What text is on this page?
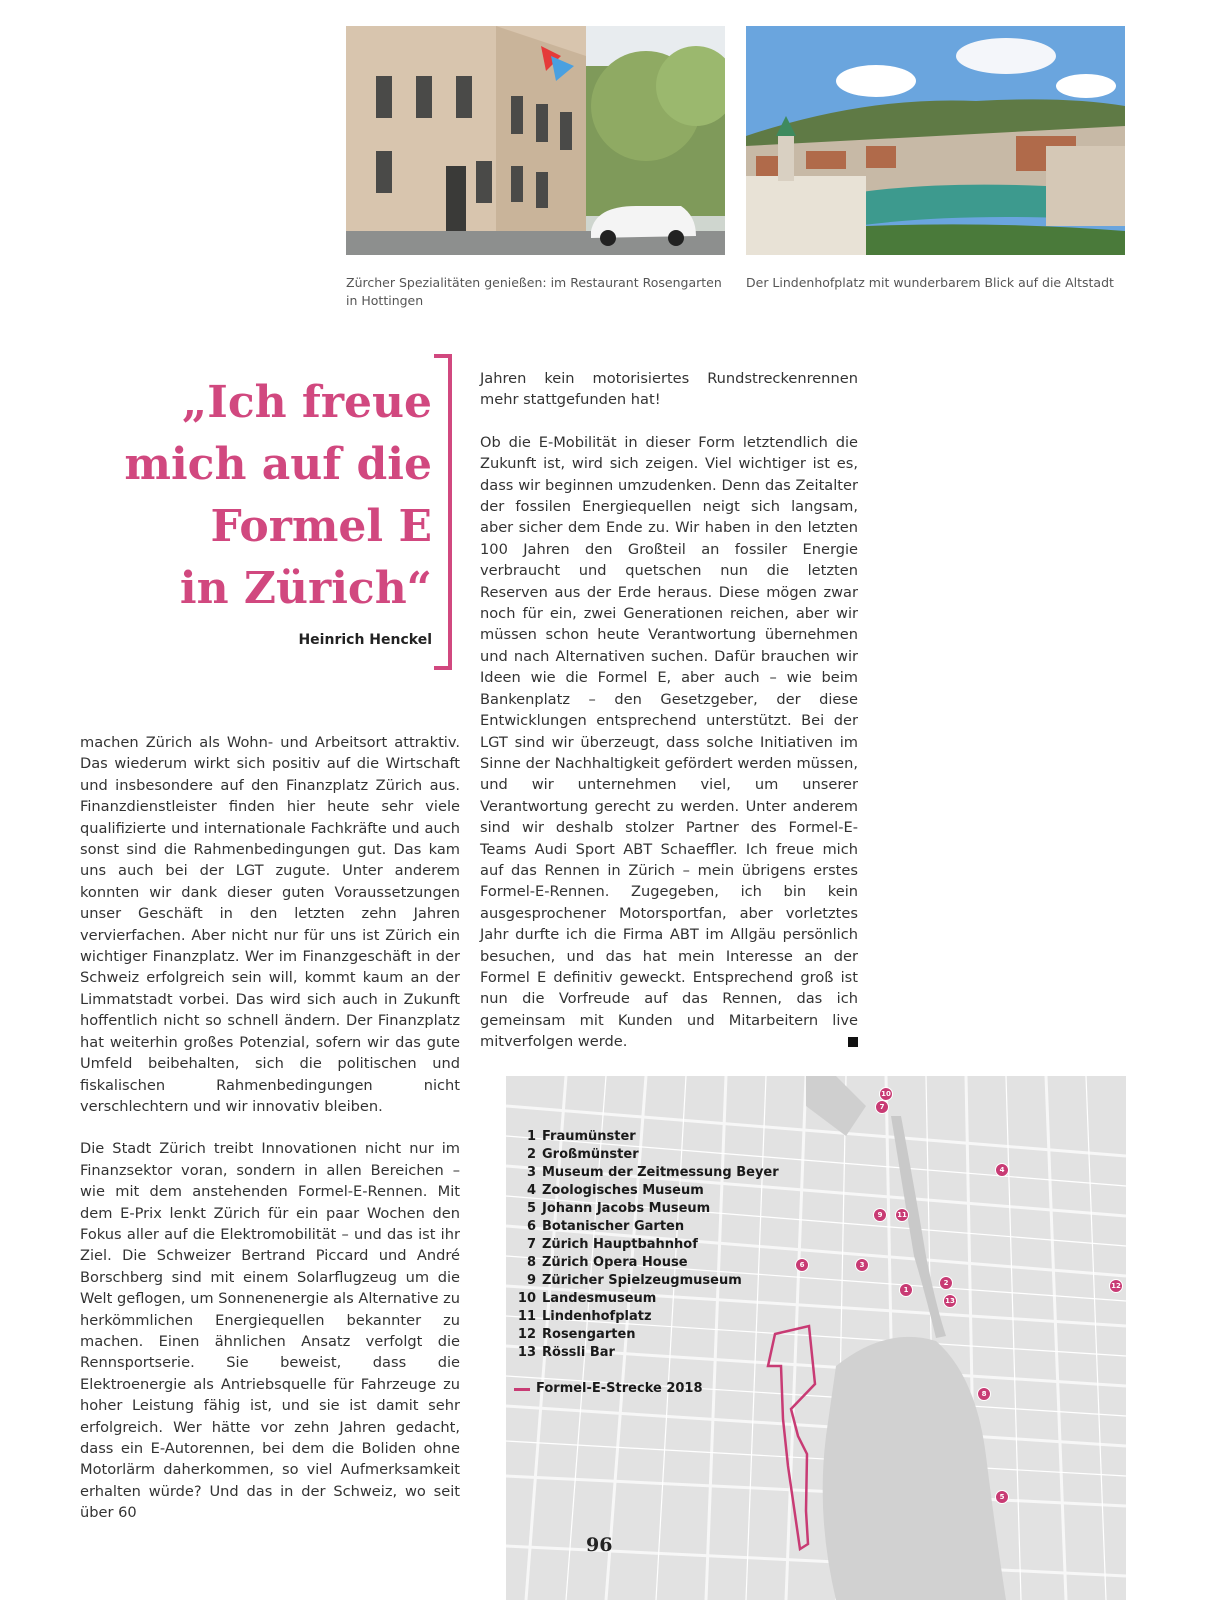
Zürcher Spezialitäten genießen: im Restaurant Rosengarten in Hottingen
Der Lindenhofplatz mit wunderbarem Blick auf die Altstadt
„Ich freue
mich auf die
Formel E
in Zürich“
Heinrich Henckel

machen Zürich als Wohn- und Arbeitsort attraktiv. Das wiederum wirkt sich positiv auf die Wirtschaft und insbesondere auf den Finanzplatz Zürich aus. Finanzdienstleister finden hier heute sehr viele qualifizierte und internationale Fachkräfte und auch sonst sind die Rahmenbedingungen gut. Das kam uns auch bei der LGT zugute. Unter anderem konnten wir dank dieser guten Voraussetzungen unser Geschäft in den letzten zehn Jahren vervierfachen. Aber nicht nur für uns ist Zürich ein wichtiger Finanzplatz. Wer im Finanzgeschäft in der Schweiz erfolgreich sein will, kommt kaum an der Limmatstadt vorbei. Das wird sich auch in Zukunft hoffentlich nicht so schnell ändern. Der Finanzplatz hat weiterhin großes Potenzial, sofern wir das gute Umfeld beibehalten, sich die politischen und fiskalischen Rahmenbedingungen nicht verschlechtern und wir innovativ bleiben.

Die Stadt Zürich treibt Innovationen nicht nur im Finanzsektor voran, sondern in allen Bereichen – wie mit dem anstehenden Formel-E-Rennen. Mit dem E-Prix lenkt Zürich für ein paar Wochen den Fokus aller auf die Elektromobilität – und das ist ihr Ziel. Die Schweizer Bertrand Piccard und André Borschberg sind mit einem Solarflugzeug um die Welt geflogen, um Sonnenenergie als Alternative zu herkömmlichen Energiequellen bekannter zu machen. Einen ähnlichen Ansatz verfolgt die Rennsportserie. Sie beweist, dass die Elektroenergie als Antriebsquelle für Fahrzeuge zu hoher Leistung fähig ist, und sie ist damit sehr erfolgreich. Wer hätte vor zehn Jahren gedacht, dass ein E-Autorennen, bei dem die Boliden ohne Motorlärm daherkommen, so viel Aufmerksamkeit erhalten würde? Und das in der Schweiz, wo seit über 60

Jahren kein motorisiertes Rundstreckenrennen mehr stattgefunden hat!

Ob die E-Mobilität in dieser Form letztendlich die Zukunft ist, wird sich zeigen. Viel wichtiger ist es, dass wir beginnen umzudenken. Denn das Zeitalter der fossilen Energiequellen neigt sich langsam, aber sicher dem Ende zu. Wir haben in den letzten 100 Jahren den Großteil an fossiler Energie verbraucht und quetschen nun die letzten Reserven aus der Erde heraus. Diese mögen zwar noch für ein, zwei Generationen reichen, aber wir müssen schon heute Verantwortung übernehmen und nach Alternativen suchen. Dafür brauchen wir Ideen wie die Formel E, aber auch – wie beim Bankenplatz – den Gesetzgeber, der diese Entwicklungen entsprechend unterstützt. Bei der LGT sind wir überzeugt, dass solche Initiativen im Sinne der Nachhaltigkeit gefördert werden müssen, und wir unternehmen viel, um unserer Verantwortung gerecht zu werden. Unter anderem sind wir deshalb stolzer Partner des Formel-E-Teams Audi Sport ABT Schaeffler. Ich freue mich auf das Rennen in Zürich – mein übrigens erstes Formel-E-Rennen. Zugegeben, ich bin kein ausgesprochener Motorsportfan, aber vorletztes Jahr durfte ich die Firma ABT im Allgäu persönlich besuchen, und das hat mein Interesse an der Formel E definitiv geweckt. Entsprechend groß ist nun die Vorfreude auf das Rennen, das ich gemeinsam mit Kunden und Mitarbeitern live mitverfolgen werde.

1 Fraumünster
2 Großmünster
3 Museum der Zeitmessung Beyer
4 Zoologisches Museum
5 Johann Jacobs Museum
6 Botanischer Garten
7 Zürich Hauptbahnhof
8 Zürich Opera House
9 Züricher Spielzeugmuseum
10 Landesmuseum
11 Lindenhofplatz
12 Rosengarten
13 Rössli Bar
Formel-E-Strecke 2018
10
7
4
9	11
6	3
2
1
13
12
8
5
96
